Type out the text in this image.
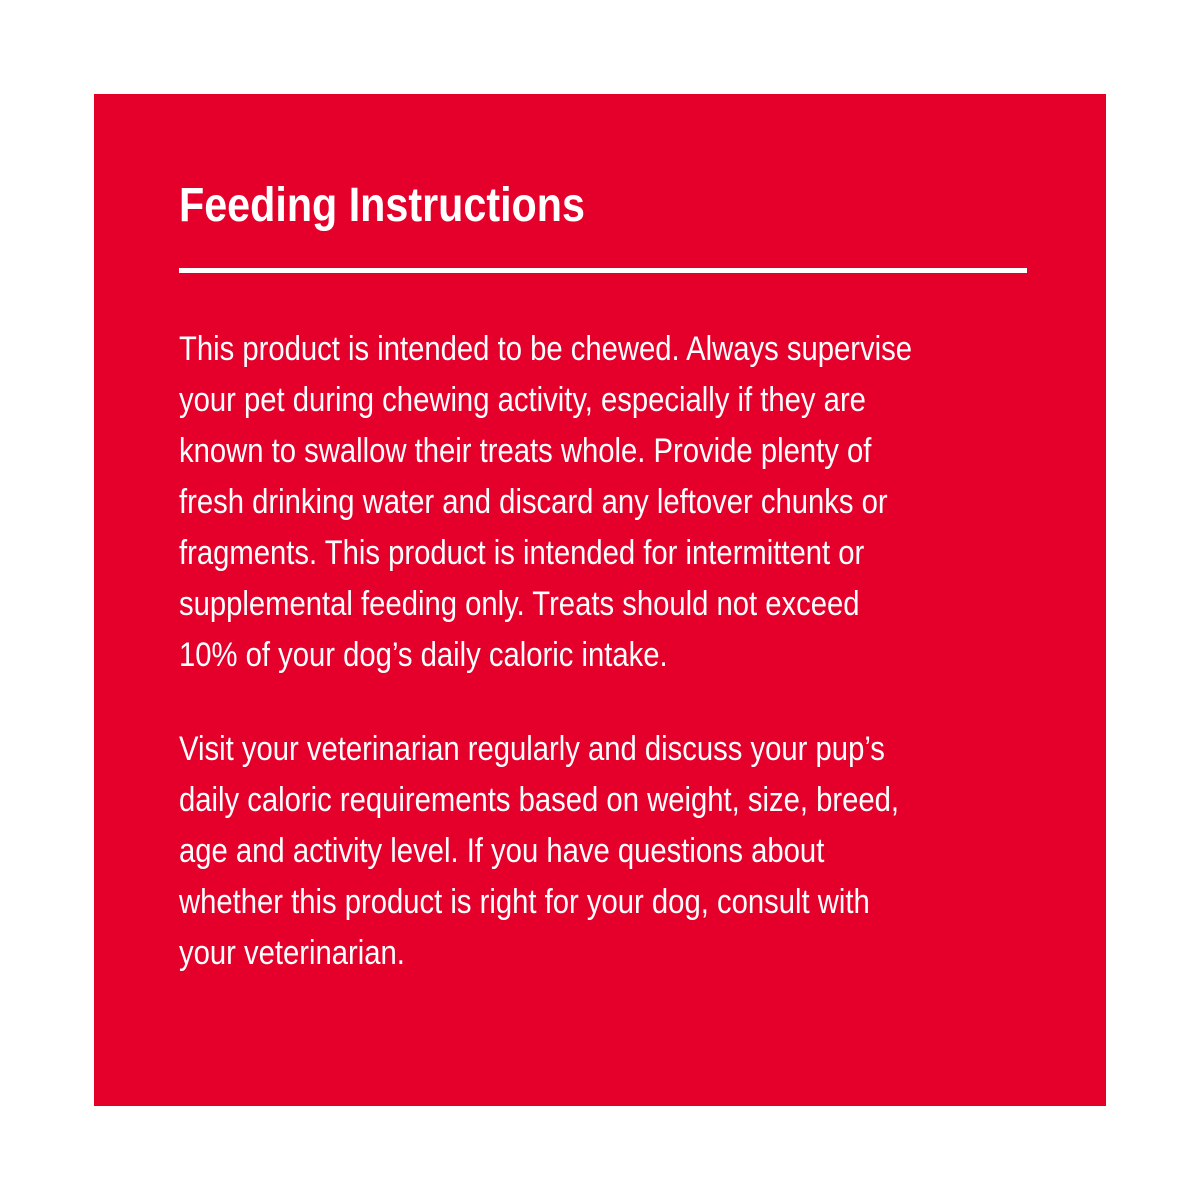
Feeding Instructions

This product is intended to be chewed. Always supervise
your pet during chewing activity, especially if they are
known to swallow their treats whole. Provide plenty of
fresh drinking water and discard any leftover chunks or
fragments. This product is intended for intermittent or
supplemental feeding only. Treats should not exceed
10% of your dog’s daily caloric intake.

Visit your veterinarian regularly and discuss your pup’s
daily caloric requirements based on weight, size, breed,
age and activity level. If you have questions about
whether this product is right for your dog, consult with
your veterinarian.
